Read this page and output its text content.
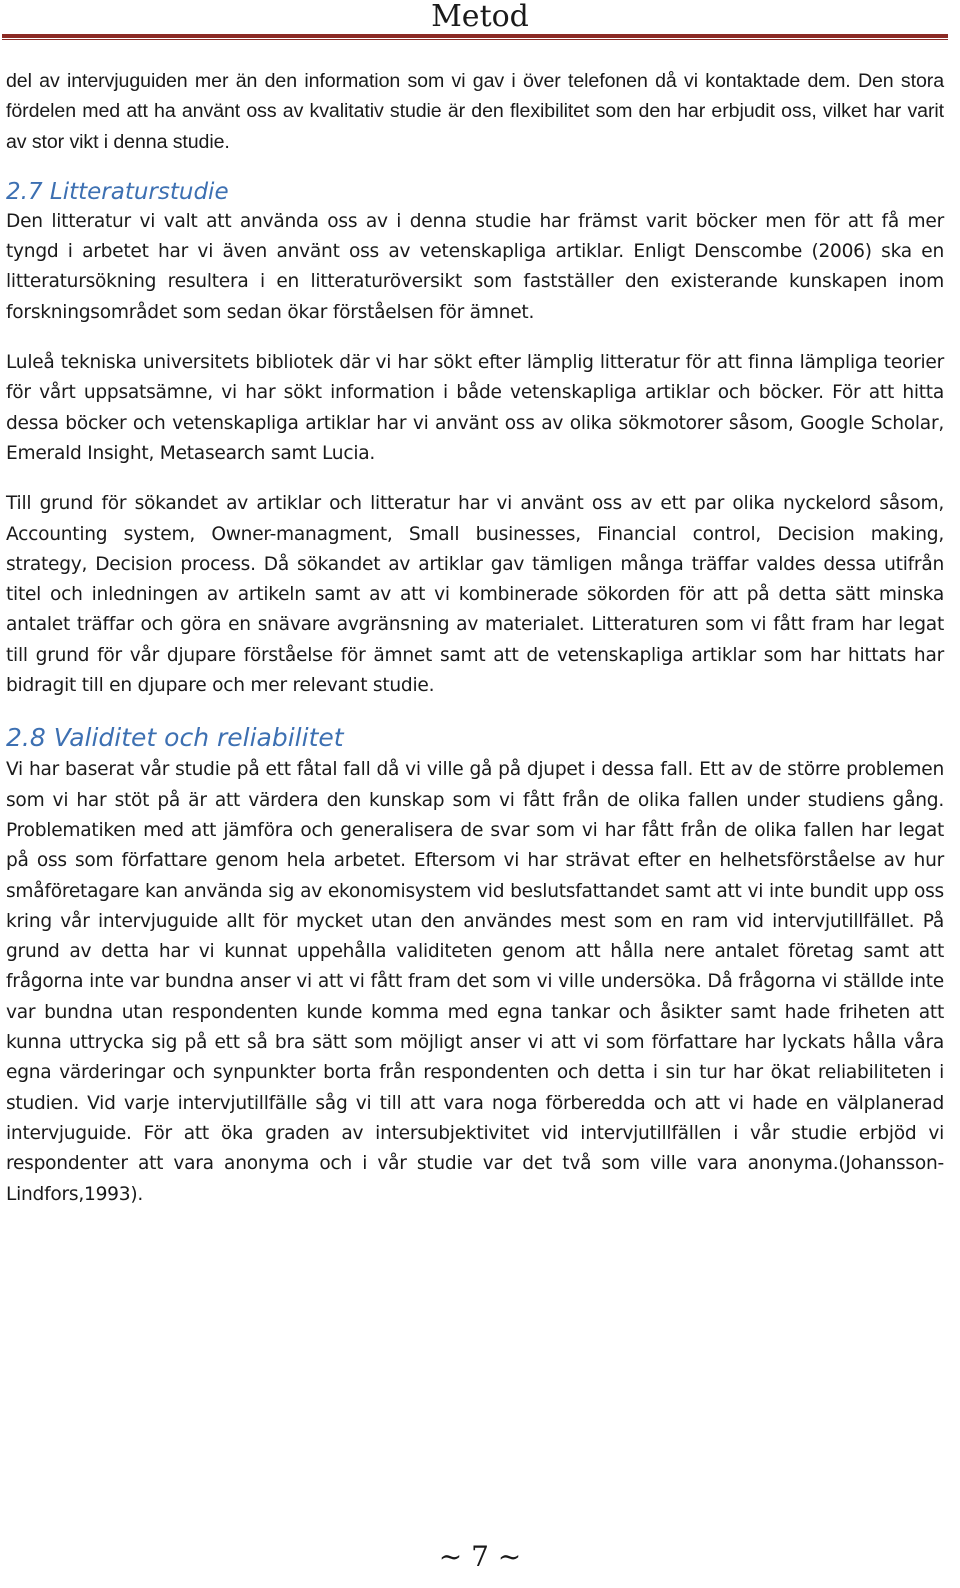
Metod

del av intervjuguiden mer än den information som vi gav i över telefonen då vi kontaktade dem. Den stora fördelen med att ha använt oss av kvalitativ studie är den flexibilitet som den har erbjudit oss, vilket har varit av stor vikt i denna studie.

2.7 Litteraturstudie

Den litteratur vi valt att använda oss av i denna studie har främst varit böcker men för att få mer tyngd i arbetet har vi även använt oss av vetenskapliga artiklar. Enligt Denscombe (2006) ska en litteratursökning resultera i en litteraturöversikt som fastställer den existerande kunskapen inom forskningsområdet som sedan ökar förståelsen för ämnet.

Luleå tekniska universitets bibliotek där vi har sökt efter lämplig litteratur för att finna lämpliga teorier för vårt uppsatsämne, vi har sökt information i både vetenskapliga artiklar och böcker. För att hitta dessa böcker och vetenskapliga artiklar har vi använt oss av olika sökmotorer såsom, Google Scholar, Emerald Insight, Metasearch samt Lucia.

Till grund för sökandet av artiklar och litteratur har vi använt oss av ett par olika nyckelord såsom, Accounting system, Owner-managment, Small businesses, Financial control, Decision making, strategy, Decision process. Då sökandet av artiklar gav tämligen många träffar valdes dessa utifrån titel och inledningen av artikeln samt av att vi kombinerade sökorden för att på detta sätt minska antalet träffar och göra en snävare avgränsning av materialet. Litteraturen som vi fått fram har legat till grund för vår djupare förståelse för ämnet samt att de vetenskapliga artiklar som har hittats har bidragit till en djupare och mer relevant studie.

2.8 Validitet och reliabilitet

Vi har baserat vår studie på ett fåtal fall då vi ville gå på djupet i dessa fall. Ett av de större problemen som vi har stöt på är att värdera den kunskap som vi fått från de olika fallen under studiens gång. Problematiken med att jämföra och generalisera de svar som vi har fått från de olika fallen har legat på oss som författare genom hela arbetet. Eftersom vi har strävat efter en helhetsförståelse av hur småföretagare kan använda sig av ekonomisystem vid beslutsfattandet samt att vi inte bundit upp oss kring vår intervjuguide allt för mycket utan den användes mest som en ram vid intervjutillfället. På grund av detta har vi kunnat uppehålla validiteten genom att hålla nere antalet företag samt att frågorna inte var bundna anser vi att vi fått fram det som vi ville undersöka. Då frågorna vi ställde inte var bundna utan respondenten kunde komma med egna tankar och åsikter samt hade friheten att kunna uttrycka sig på ett så bra sätt som möjligt anser vi att vi som författare har lyckats hålla våra egna värderingar och synpunkter borta från respondenten och detta i sin tur har ökat reliabiliteten i studien. Vid varje intervjutillfälle såg vi till att vara noga förberedda och att vi hade en välplanerad intervjuguide. För att öka graden av intersubjektivitet vid intervjutillfällen i vår studie erbjöd vi respondenter att vara anonyma och i vår studie var det två som ville vara anonyma.(Johansson-Lindfors,1993).

~ 7 ~
